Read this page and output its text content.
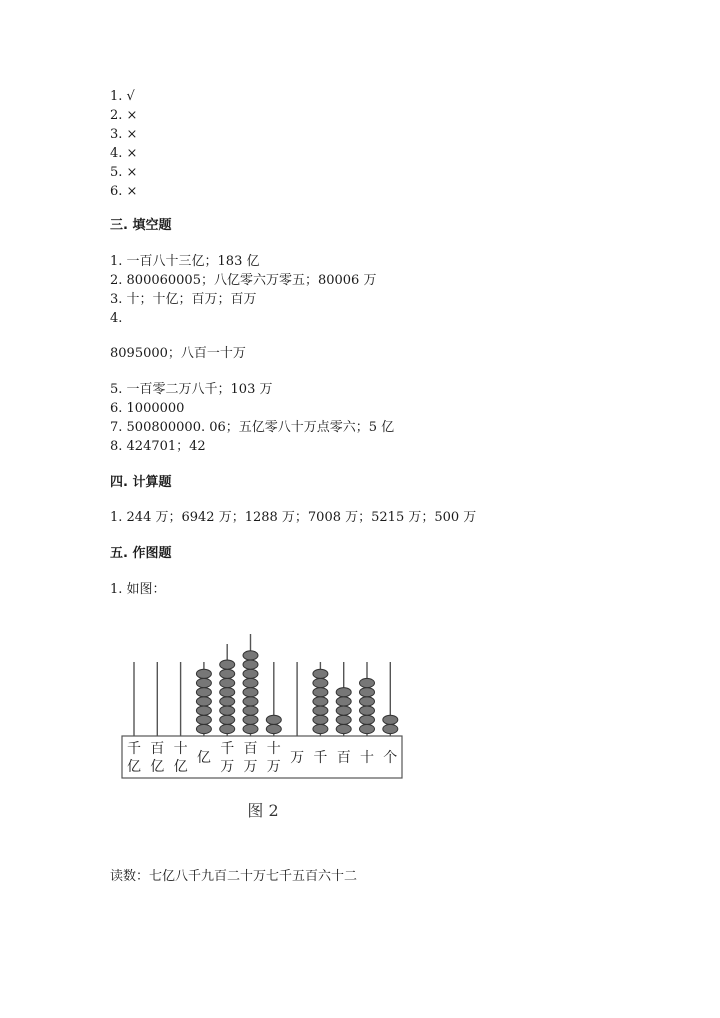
1. √
2. ×
3. ×
4. ×
5. ×
6. ×
三. 填空题
1. 一百八十三亿；183 亿
2. 800060005；八亿零六万零五；80006 万
3. 十；十亿；百万；百万
4.
8095000；八百一十万
5. 一百零二万八千；103 万
6. 1000000
7. 500800000. 06；五亿零八十万点零六；5 亿
8. 424701；42
四. 计算题
1. 244 万；6942 万；1288 万；7008 万；5215 万；500 万
五. 作图题
1. 如图：
千
亿
百
亿
十
亿
亿
千
万
百
万
十
万
万 千 百 十 个
图 2
读数：七亿八千九百二十万七千五百六十二
